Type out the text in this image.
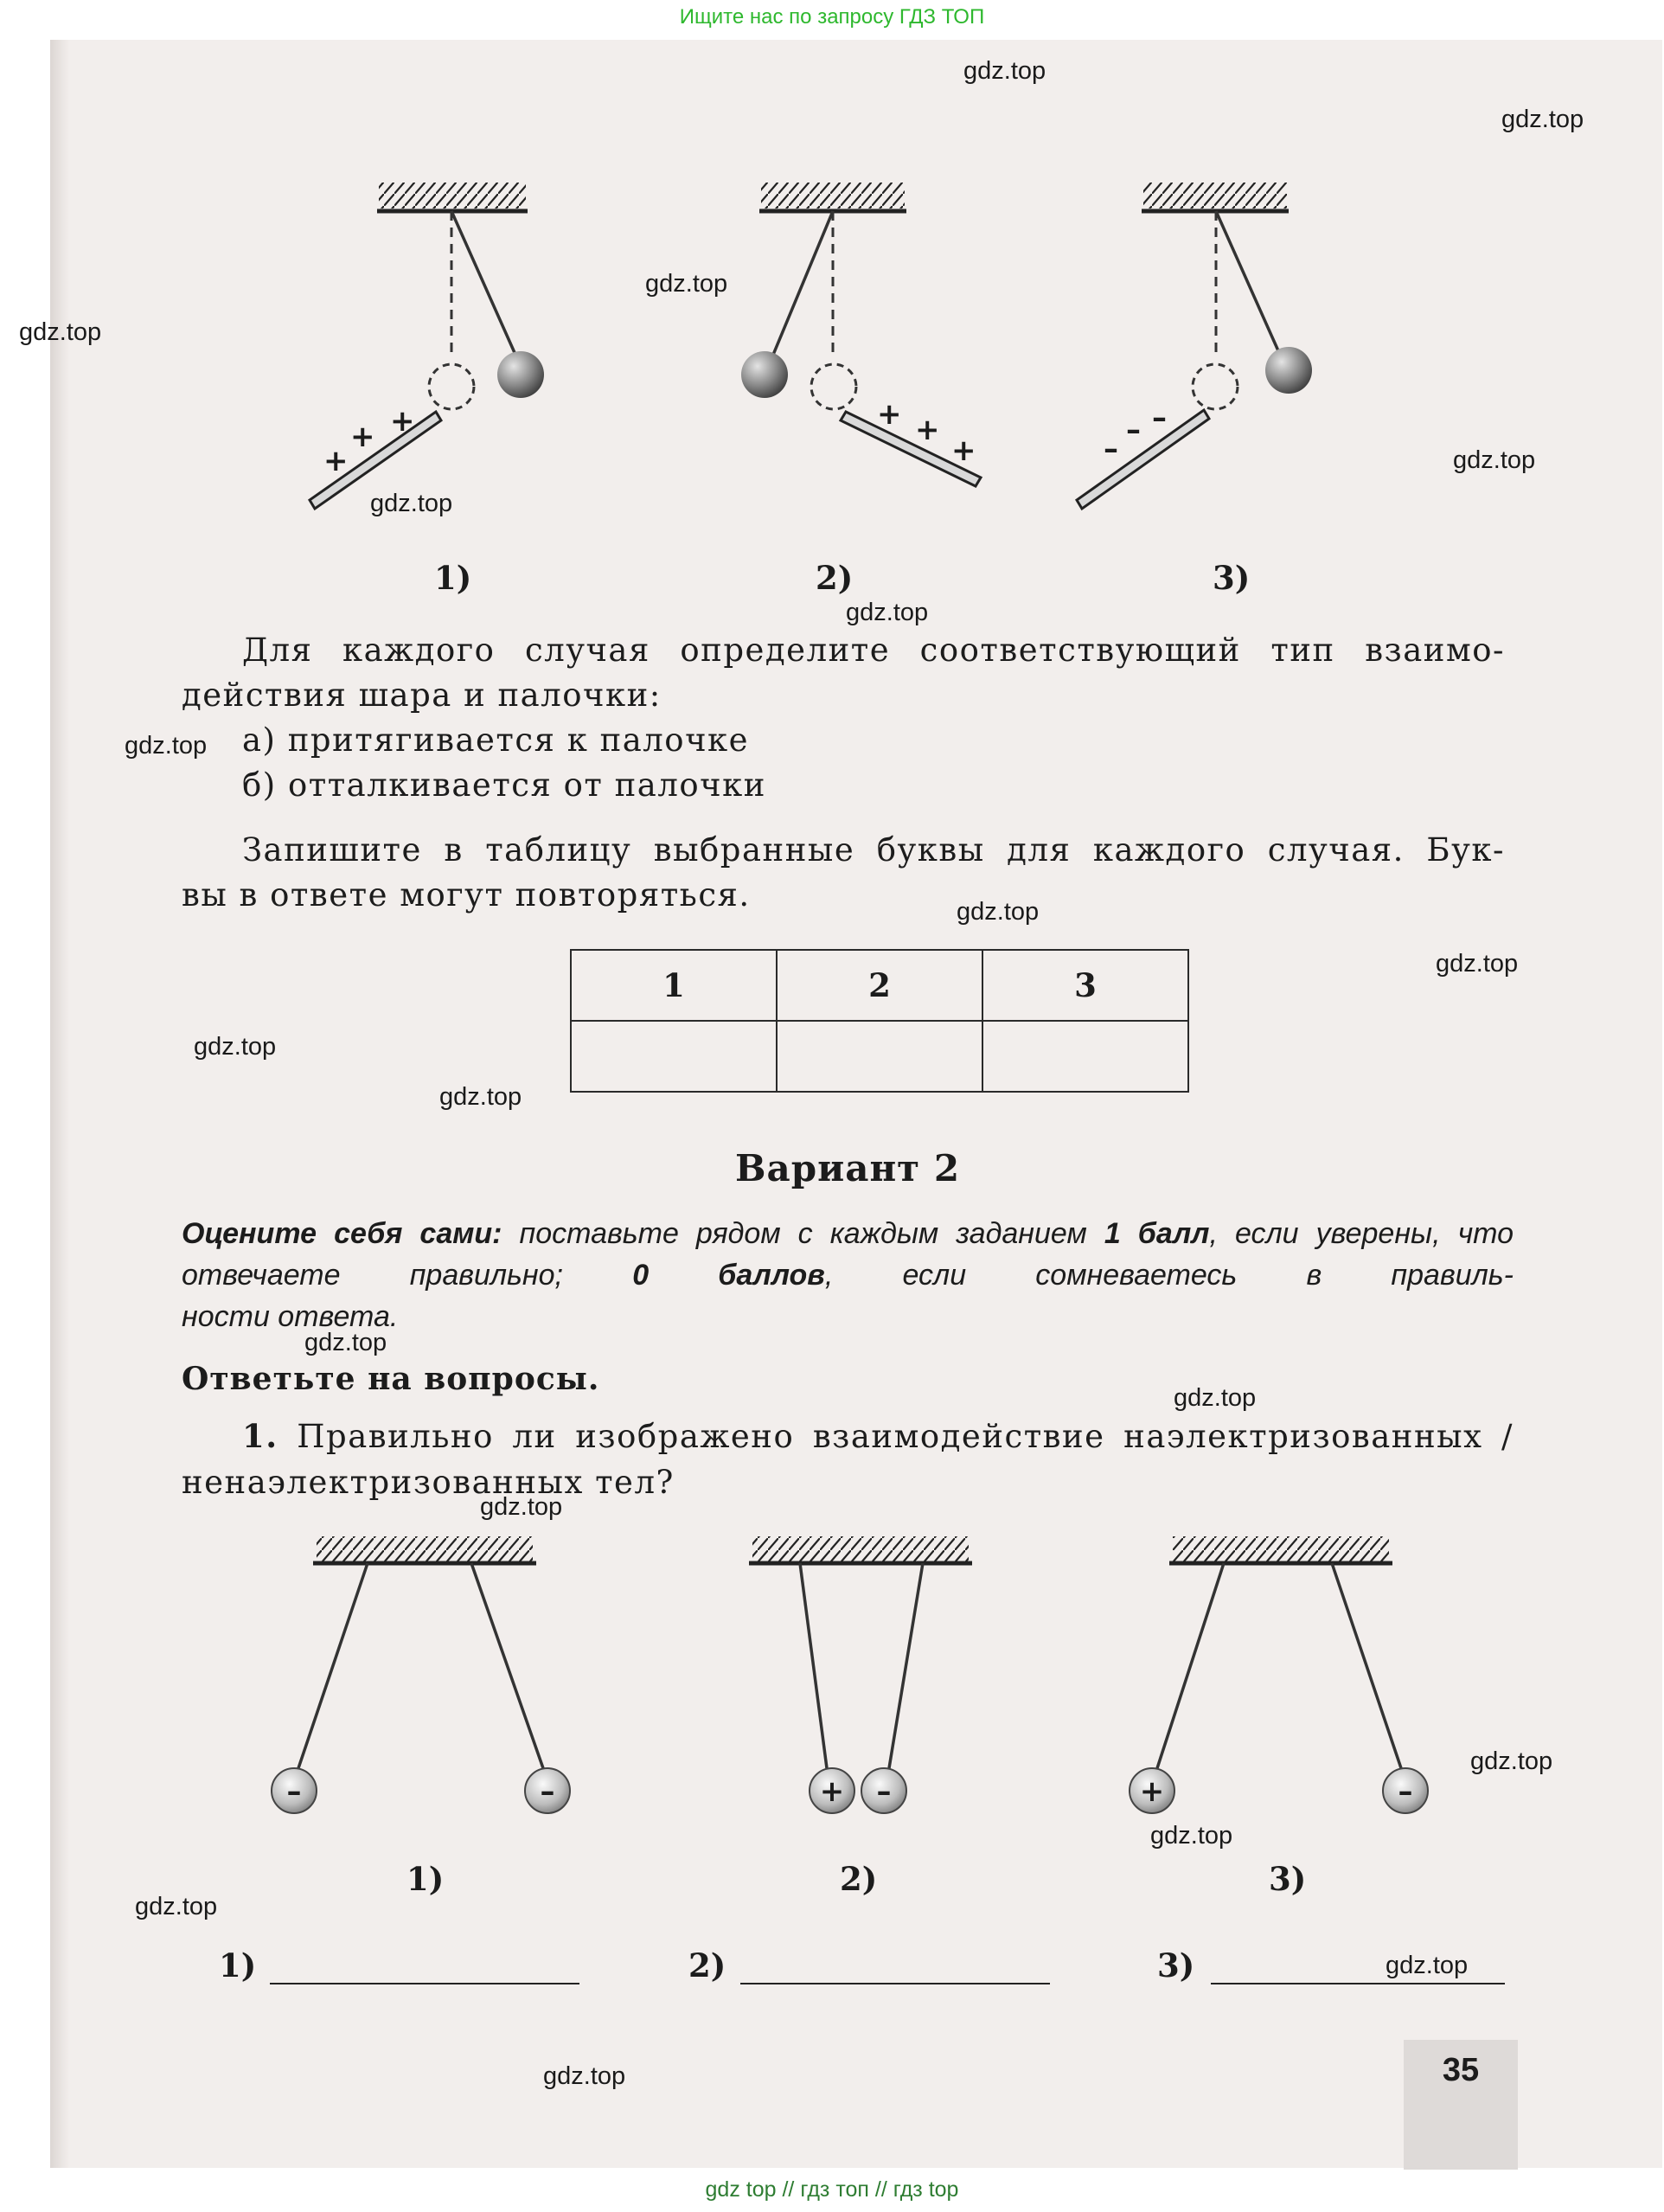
Ищите нас по запросу ГДЗ ТОП
+
+ +	+ +
+	–
– –
–	–	+ –	+	–
1)	2)	3)
Для каждого случая определите соответствующий тип взаимо-
действия шара и палочки:
а) притягивается к палочке
б) отталкивается от палочки
Запишите в таблицу выбранные буквы для каждого случая. Бук-
вы в ответе могут повторяться.
1	2	3

Вариант 2
Оцените себя сами: поставьте рядом с каждым заданием 1 балл, если уверены, что отвечаете правильно; 0 баллов, если сомневаетесь в правиль-
ности ответа.
Ответьте на вопросы.
1. Правильно ли изображено взаимодействие наэлектризованных /
ненаэлектризованных тел?
1)	2)	3)
1)	2)	3)
35
gdz.top
gdz.top
gdz.top
gdz.top
gdz.top
gdz.top
gdz.top
gdz.top
gdz.top
gdz.top
gdz.top
gdz.top
gdz.top
gdz.top
gdz.top
gdz.top
gdz.top
gdz.top
gdz.top
gdz.top
gdz top // гдз топ // гдз top
